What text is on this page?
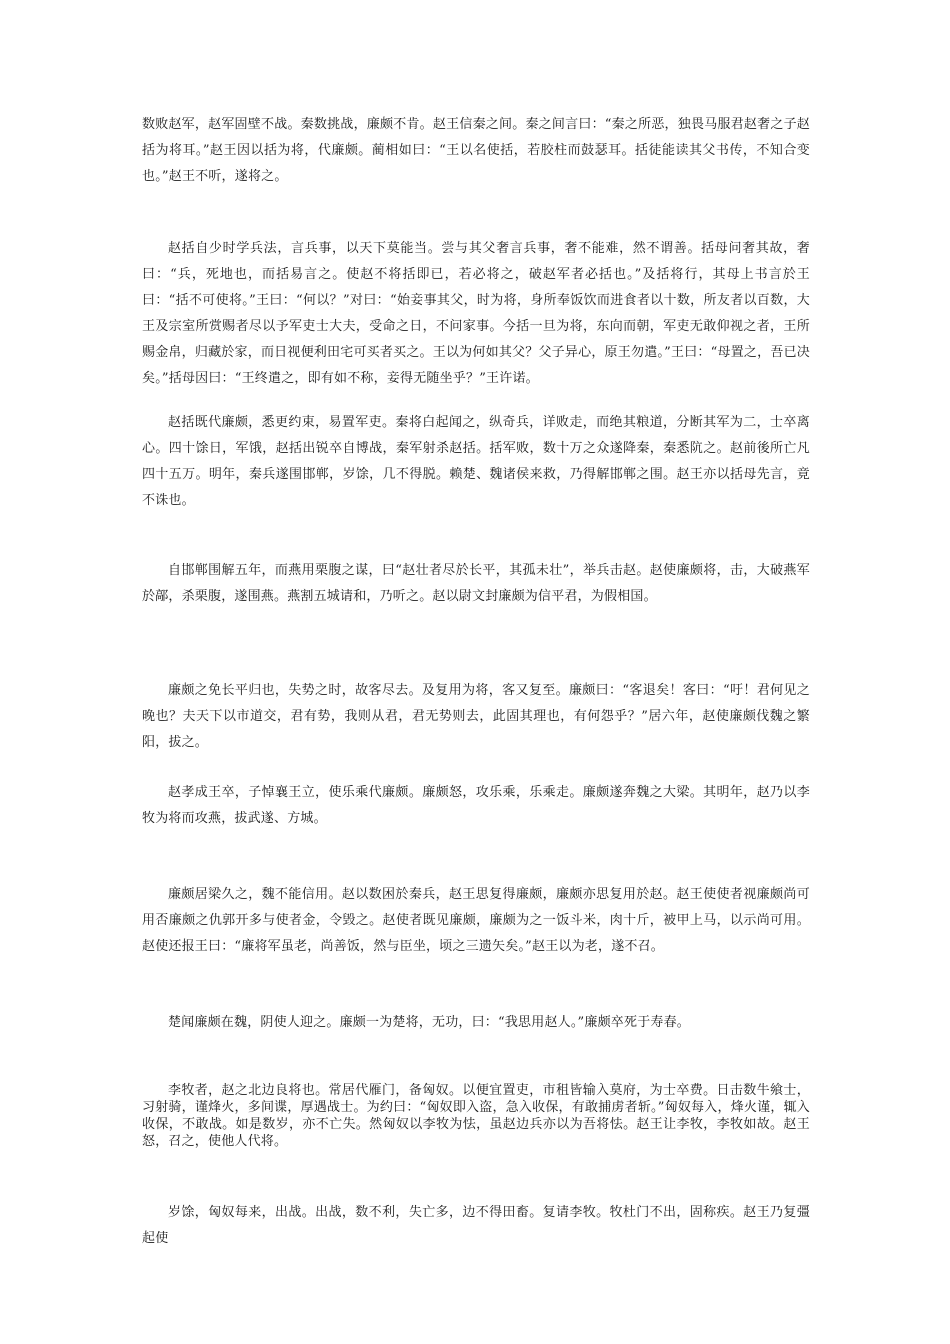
数败赵军，赵军固壁不战。秦数挑战，廉颇不肯。赵王信秦之间。秦之间言曰：“秦之所恶，独畏马服君赵奢之子赵括为将耳。”赵王因以括为将，代廉颇。蔺相如曰：“王以名使括，若胶柱而鼓瑟耳。括徒能读其父书传，不知合变也。”赵王不听，遂将之。

赵括自少时学兵法，言兵事，以天下莫能当。尝与其父奢言兵事，奢不能难，然不谓善。括母问奢其故，奢曰：“兵，死地也，而括易言之。使赵不将括即已，若必将之，破赵军者必括也。”及括将行，其母上书言於王曰：“括不可使将。”王曰：“何以？”对曰：“始妾事其父，时为将，身所奉饭饮而进食者以十数，所友者以百数，大王及宗室所赏赐者尽以予军吏士大夫，受命之日，不问家事。今括一旦为将，东向而朝，军吏无敢仰视之者，王所赐金帛，归藏於家，而日视便利田宅可买者买之。王以为何如其父？父子异心，原王勿遣。”王曰：“母置之，吾已决矣。”括母因曰：“王终遣之，即有如不称，妾得无随坐乎？”王许诺。

赵括既代廉颇，悉更约束，易置军吏。秦将白起闻之，纵奇兵，详败走，而绝其粮道，分断其军为二，士卒离心。四十馀日，军饿，赵括出锐卒自博战，秦军射杀赵括。括军败，数十万之众遂降秦，秦悉阬之。赵前後所亡凡四十五万。明年，秦兵遂围邯郸，岁馀，几不得脱。赖楚、魏诸侯来救，乃得解邯郸之围。赵王亦以括母先言，竟不诛也。

自邯郸围解五年，而燕用栗腹之谋，曰“赵壮者尽於长平，其孤未壮”，举兵击赵。赵使廉颇将，击，大破燕军於鄗，杀栗腹，遂围燕。燕割五城请和，乃听之。赵以尉文封廉颇为信平君，为假相国。

廉颇之免长平归也，失势之时，故客尽去。及复用为将，客又复至。廉颇曰：“客退矣！客曰：“吁！君何见之晚也？夫天下以市道交，君有势，我则从君，君无势则去，此固其理也，有何怨乎？”居六年，赵使廉颇伐魏之繁阳，拔之。

赵孝成王卒，子悼襄王立，使乐乘代廉颇。廉颇怒，攻乐乘，乐乘走。廉颇遂奔魏之大梁。其明年，赵乃以李牧为将而攻燕，拔武遂、方城。

廉颇居梁久之，魏不能信用。赵以数困於秦兵，赵王思复得廉颇，廉颇亦思复用於赵。赵王使使者视廉颇尚可用否廉颇之仇郭开多与使者金，令毁之。赵使者既见廉颇，廉颇为之一饭斗米，肉十斤，被甲上马，以示尚可用。赵使还报王曰：“廉将军虽老，尚善饭，然与臣坐，顷之三遗矢矣。”赵王以为老，遂不召。

楚闻廉颇在魏，阴使人迎之。廉颇一为楚将，无功，曰：“我思用赵人。”廉颇卒死于寿春。

李牧者，赵之北边良将也。常居代雁门，备匈奴。以便宜置吏，市租皆输入莫府，为士卒费。日击数牛飨士，习射骑，谨烽火，多间谍，厚遇战士。为约曰：“匈奴即入盗，急入收保，有敢捕虏者斩。”匈奴每入，烽火谨，辄入收保，不敢战。如是数岁，亦不亡失。然匈奴以李牧为怯，虽赵边兵亦以为吾将怯。赵王让李牧，李牧如故。赵王怒，召之，使他人代将。

岁馀，匈奴每来，出战。出战，数不利，失亡多，边不得田畜。复请李牧。牧杜门不出，固称疾。赵王乃复彊起使
